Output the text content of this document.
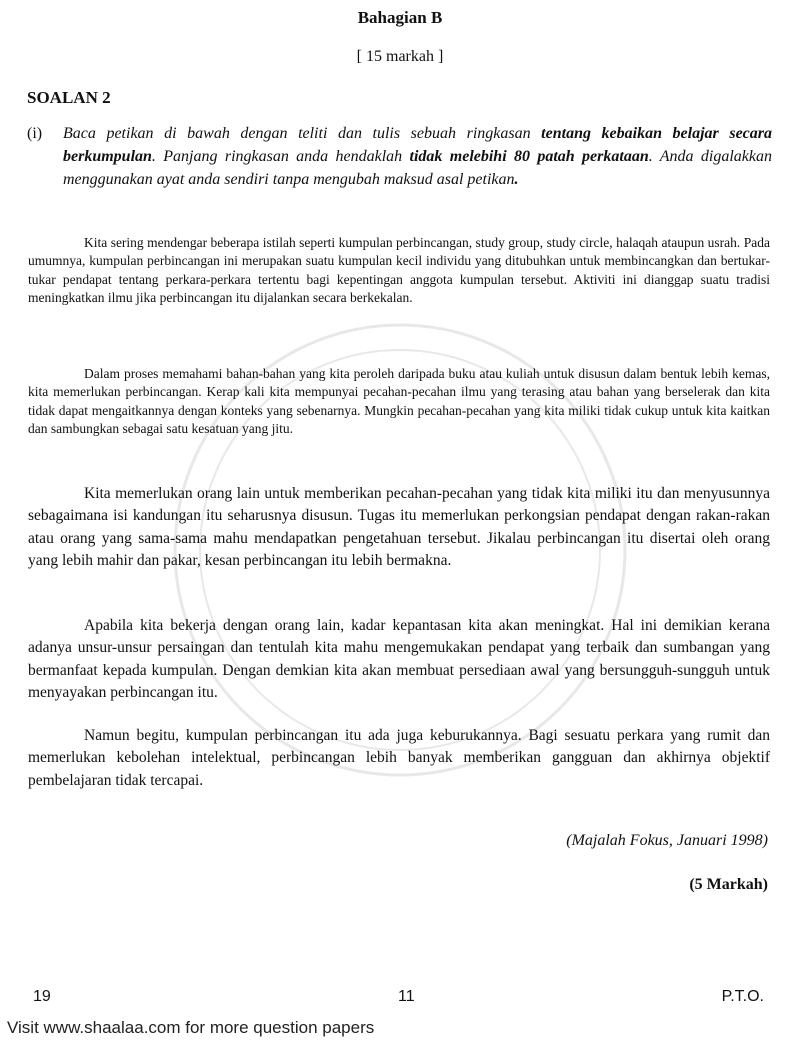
Bahagian B
[ 15 markah ]
SOALAN 2
(i) Baca petikan di bawah dengan teliti dan tulis sebuah ringkasan tentang kebaikan belajar secara berkumpulan. Panjang ringkasan anda hendaklah tidak melebihi 80 patah perkataan. Anda digalakkan menggunakan ayat anda sendiri tanpa mengubah maksud asal petikan.
Kita sering mendengar beberapa istilah seperti kumpulan perbincangan, study group, study circle, halaqah ataupun usrah. Pada umumnya, kumpulan perbincangan ini merupakan suatu kumpulan kecil individu yang ditubuhkan untuk membincangkan dan bertukar-tukar pendapat tentang perkara-perkara tertentu bagi kepentingan anggota kumpulan tersebut. Aktiviti ini dianggap suatu tradisi meningkatkan ilmu jika perbincangan itu dijalankan secara berkekalan.
Dalam proses memahami bahan-bahan yang kita peroleh daripada buku atau kuliah untuk disusun dalam bentuk lebih kemas, kita memerlukan perbincangan. Kerap kali kita mempunyai pecahan-pecahan ilmu yang terasing atau bahan yang berselerak dan kita tidak dapat mengaitkannya dengan konteks yang sebenarnya. Mungkin pecahan-pecahan yang kita miliki tidak cukup untuk kita kaitkan dan sambungkan sebagai satu kesatuan yang jitu.
Kita memerlukan orang lain untuk memberikan pecahan-pecahan yang tidak kita miliki itu dan menyusunnya sebagaimana isi kandungan itu seharusnya disusun. Tugas itu memerlukan perkongsian pendapat dengan rakan-rakan atau orang yang sama-sama mahu mendapatkan pengetahuan tersebut. Jikalau perbincangan itu disertai oleh orang yang lebih mahir dan pakar, kesan perbincangan itu lebih bermakna.
Apabila kita bekerja dengan orang lain, kadar kepantasan kita akan meningkat. Hal ini demikian kerana adanya unsur-unsur persaingan dan tentulah kita mahu mengemukakan pendapat yang terbaik dan sumbangan yang bermanfaat kepada kumpulan. Dengan demkian kita akan membuat persediaan awal yang bersungguh-sungguh untuk menyayakan perbincangan itu.
Namun begitu, kumpulan perbincangan itu ada juga keburukannya. Bagi sesuatu perkara yang rumit dan memerlukan kebolehan intelektual, perbincangan lebih banyak memberikan gangguan dan akhirnya objektif pembelajaran tidak tercapai.
(Majalah Fokus, Januari 1998)
(5 Markah)
19	11	P.T.O.
Visit www.shaalaa.com for more question papers
